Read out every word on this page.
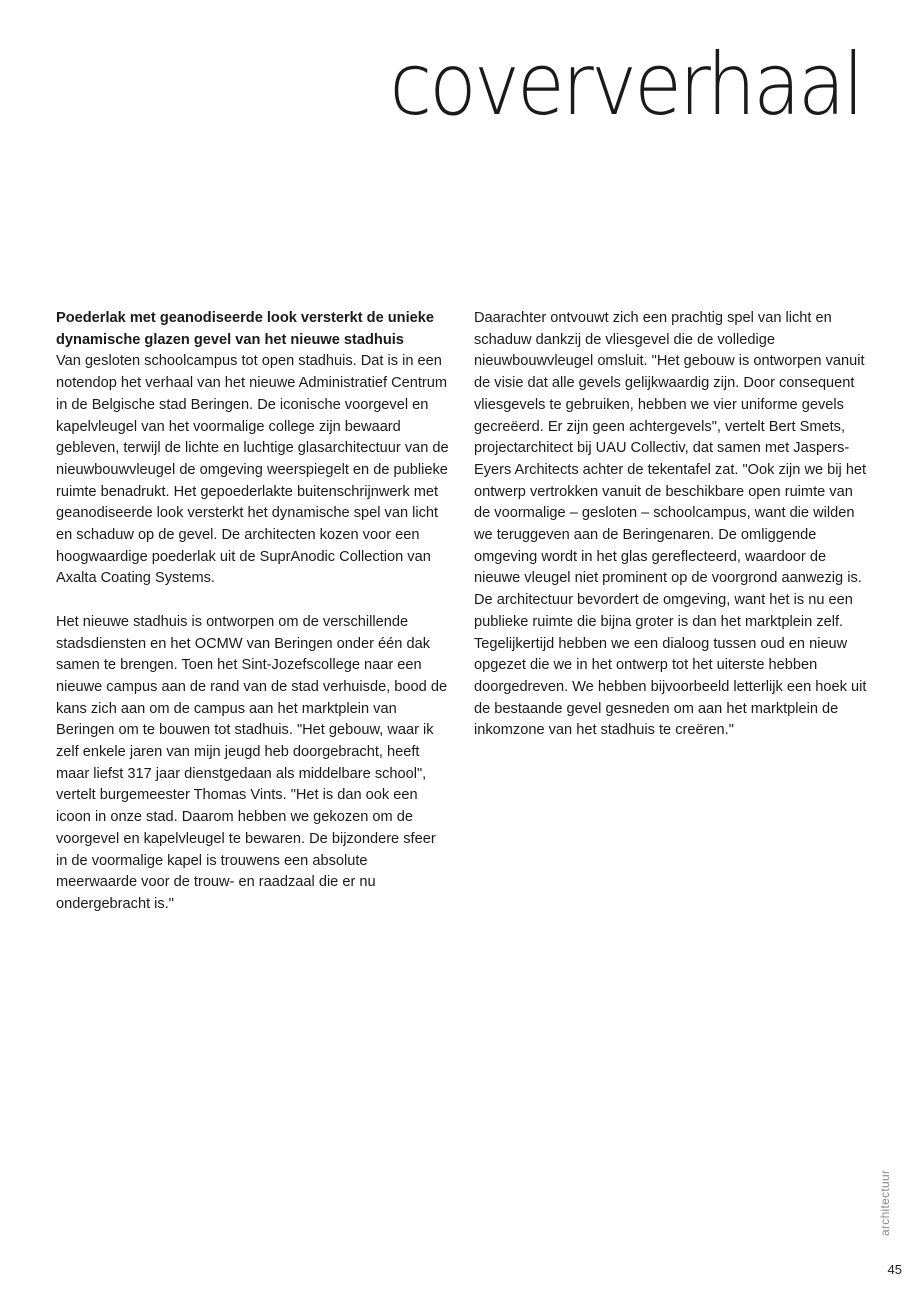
coververhaal
Poederlak met geanodiseerde look versterkt de unieke dynamische glazen gevel van het nieuwe stadhuis

Van gesloten schoolcampus tot open stadhuis. Dat is in een notendop het verhaal van het nieuwe Administratief Centrum in de Belgische stad Beringen. De iconische voorgevel en kapelvleugel van het voormalige college zijn bewaard gebleven, terwijl de lichte en luchtige glasarchitectuur van de nieuwbouwvleugel de omgeving weerspiegelt en de publieke ruimte benadrukt. Het gepoederlakte buitenschrijnwerk met geanodiseerde look versterkt het dynamische spel van licht en schaduw op de gevel. De architecten kozen voor een hoogwaardige poederlak uit de SuprAnodic Collection van Axalta Coating Systems.

Het nieuwe stadhuis is ontworpen om de verschillende stadsdiensten en het OCMW van Beringen onder één dak samen te brengen. Toen het Sint-Jozefscollege naar een nieuwe campus aan de rand van de stad verhuisde, bood de kans zich aan om de campus aan het marktplein van Beringen om te bouwen tot stadhuis. "Het gebouw, waar ik zelf enkele jaren van mijn jeugd heb doorgebracht, heeft maar liefst 317 jaar dienstgedaan als middelbare school", vertelt burgemeester Thomas Vints. "Het is dan ook een icoon in onze stad. Daarom hebben we gekozen om de voorgevel en kapelvleugel te bewaren. De bijzondere sfeer in de voormalige kapel is trouwens een absolute meerwaarde voor de trouw- en raadzaal die er nu ondergebracht is."

Daarachter ontvouwt zich een prachtig spel van licht en schaduw dankzij de vliesgevel die de volledige nieuwbouwvleugel omsluit. "Het gebouw is ontworpen vanuit de visie dat alle gevels gelijkwaardig zijn. Door consequent vliesgevels te gebruiken, hebben we vier uniforme gevels gecreëerd. Er zijn geen achtergevels", vertelt Bert Smets, projectarchitect bij UAU Collectiv, dat samen met Jaspers-Eyers Architects achter de tekentafel zat. "Ook zijn we bij het ontwerp vertrokken vanuit de beschikbare open ruimte van de voormalige – gesloten – schoolcampus, want die wilden we teruggeven aan de Beringenaren. De omliggende omgeving wordt in het glas gereflecteerd, waardoor de nieuwe vleugel niet prominent op de voorgrond aanwezig is. De architectuur bevordert de omgeving, want het is nu een publieke ruimte die bijna groter is dan het marktplein zelf. Tegelijkertijd hebben we een dialoog tussen oud en nieuw opgezet die we in het ontwerp tot het uiterste hebben doorgedreven. We hebben bijvoorbeeld letterlijk een hoek uit de bestaande gevel gesneden om aan het marktplein de inkomzone van het stadhuis te creëren."

architectuur
45
